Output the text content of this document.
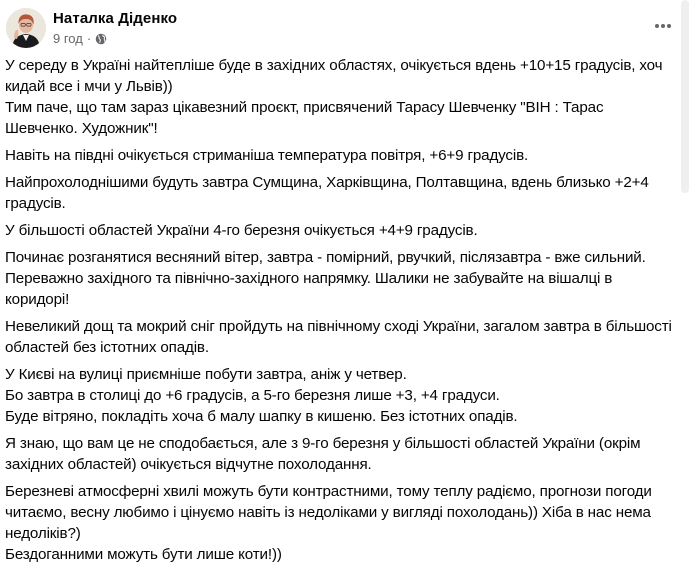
Наталка Діденко
9 год ·
У середу в Україні найтепліше буде в західних областях, очікується вдень +10+15 градусів, хоч
кидай все і мчи у Львів))
Тим паче, що там зараз цікавезний проєкт, присвячений Тарасу Шевченку "ВІН : Тарас
Шевченко. Художник"!
Навіть на півдні очікується стриманіша температура повітря, +6+9 градусів.
Найпрохолоднішими будуть завтра Сумщина, Харківщина, Полтавщина, вдень близько +2+4
градусів.
У більшості областей України 4-го березня очікується +4+9 градусів.
Починає розганятися весняний вітер, завтра - помірний, рвучкий, післязавтра - вже сильний.
Переважно західного та північно-західного напрямку. Шалики не забувайте на вішалці в
коридорі!
Невеликий дощ та мокрий сніг пройдуть на північному сході України, загалом завтра в більшості
областей без істотних опадів.
У Києві на вулиці приємніше побути завтра, аніж у четвер.
Бо завтра в столиці до +6 градусів, а 5-го березня лише +3, +4 градуси.
Буде вітряно, покладіть хоча б малу шапку в кишеню. Без істотних опадів.
Я знаю, що вам це не сподобається, але з 9-го березня у більшості областей України (окрім
західних областей) очікується відчутне похолодання.
Березневі атмосферні хвилі можуть бути контрастними, тому теплу радіємо, прогнози погоди
читаємо, весну любимо і цінуємо навіть із недоліками у вигляді похолодань)) Хіба в нас нема
недоліків?)
Бездоганними можуть бути лише коти!))
